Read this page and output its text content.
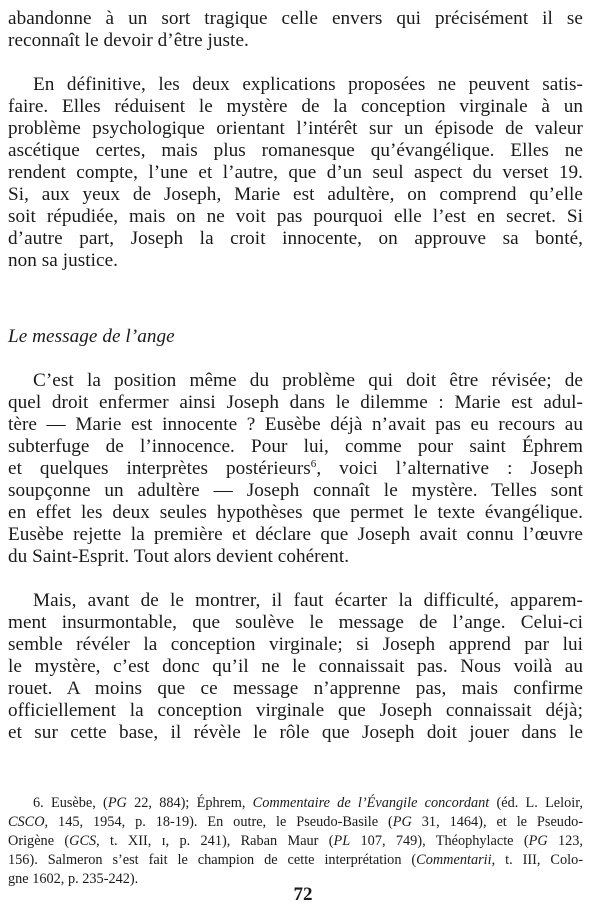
abandonne à un sort tragique celle envers qui précisément il se
reconnaît le devoir d’être juste.
En définitive, les deux explications proposées ne peuvent satis-
faire. Elles réduisent le mystère de la conception virginale à un
problème psychologique orientant l’intérêt sur un épisode de valeur
ascétique certes, mais plus romanesque qu’évangélique. Elles ne
rendent compte, l’une et l’autre, que d’un seul aspect du verset 19.
Si, aux yeux de Joseph, Marie est adultère, on comprend qu’elle
soit répudiée, mais on ne voit pas pourquoi elle l’est en secret. Si
d’autre part, Joseph la croit innocente, on approuve sa bonté,
non sa justice.
Le message de l’ange
C’est la position même du problème qui doit être révisée; de
quel droit enfermer ainsi Joseph dans le dilemme : Marie est adul-
tère — Marie est innocente ? Eusèbe déjà n’avait pas eu recours au
subterfuge de l’innocence. Pour lui, comme pour saint Éphrem
et quelques interprètes postérieurs$^6$, voici l’alternative : Joseph
soupçonne un adultère — Joseph connaît le mystère. Telles sont
en effet les deux seules hypothèses que permet le texte évangélique.
Eusèbe rejette la première et déclare que Joseph avait connu l’œuvre
du Saint-Esprit. Tout alors devient cohérent.
Mais, avant de le montrer, il faut écarter la difficulté, apparem-
ment insurmontable, que soulève le message de l’ange. Celui-ci
semble révéler la conception virginale; si Joseph apprend par lui
le mystère, c’est donc qu’il ne le connaissait pas. Nous voilà au
rouet. A moins que ce message n’apprenne pas, mais confirme
officiellement la conception virginale que Joseph connaissait déjà;
et sur cette base, il révèle le rôle que Joseph doit jouer dans le
6. Eusèbe, (PG 22, 884); Éphrem, Commentaire de l’Évangile concordant (éd. L. Leloir,
CSCO, 145, 1954, p. 18-19). En outre, le Pseudo-Basile (PG 31, 1464), et le Pseudo-
Origène (GCS, t. XII, ɪ, p. 241), Raban Maur (PL 107, 749), Théophylacte (PG 123,
156). Salmeron s’est fait le champion de cette interprétation (Commentarii, t. III, Colo-
gne 1602, p. 235-242).
72
